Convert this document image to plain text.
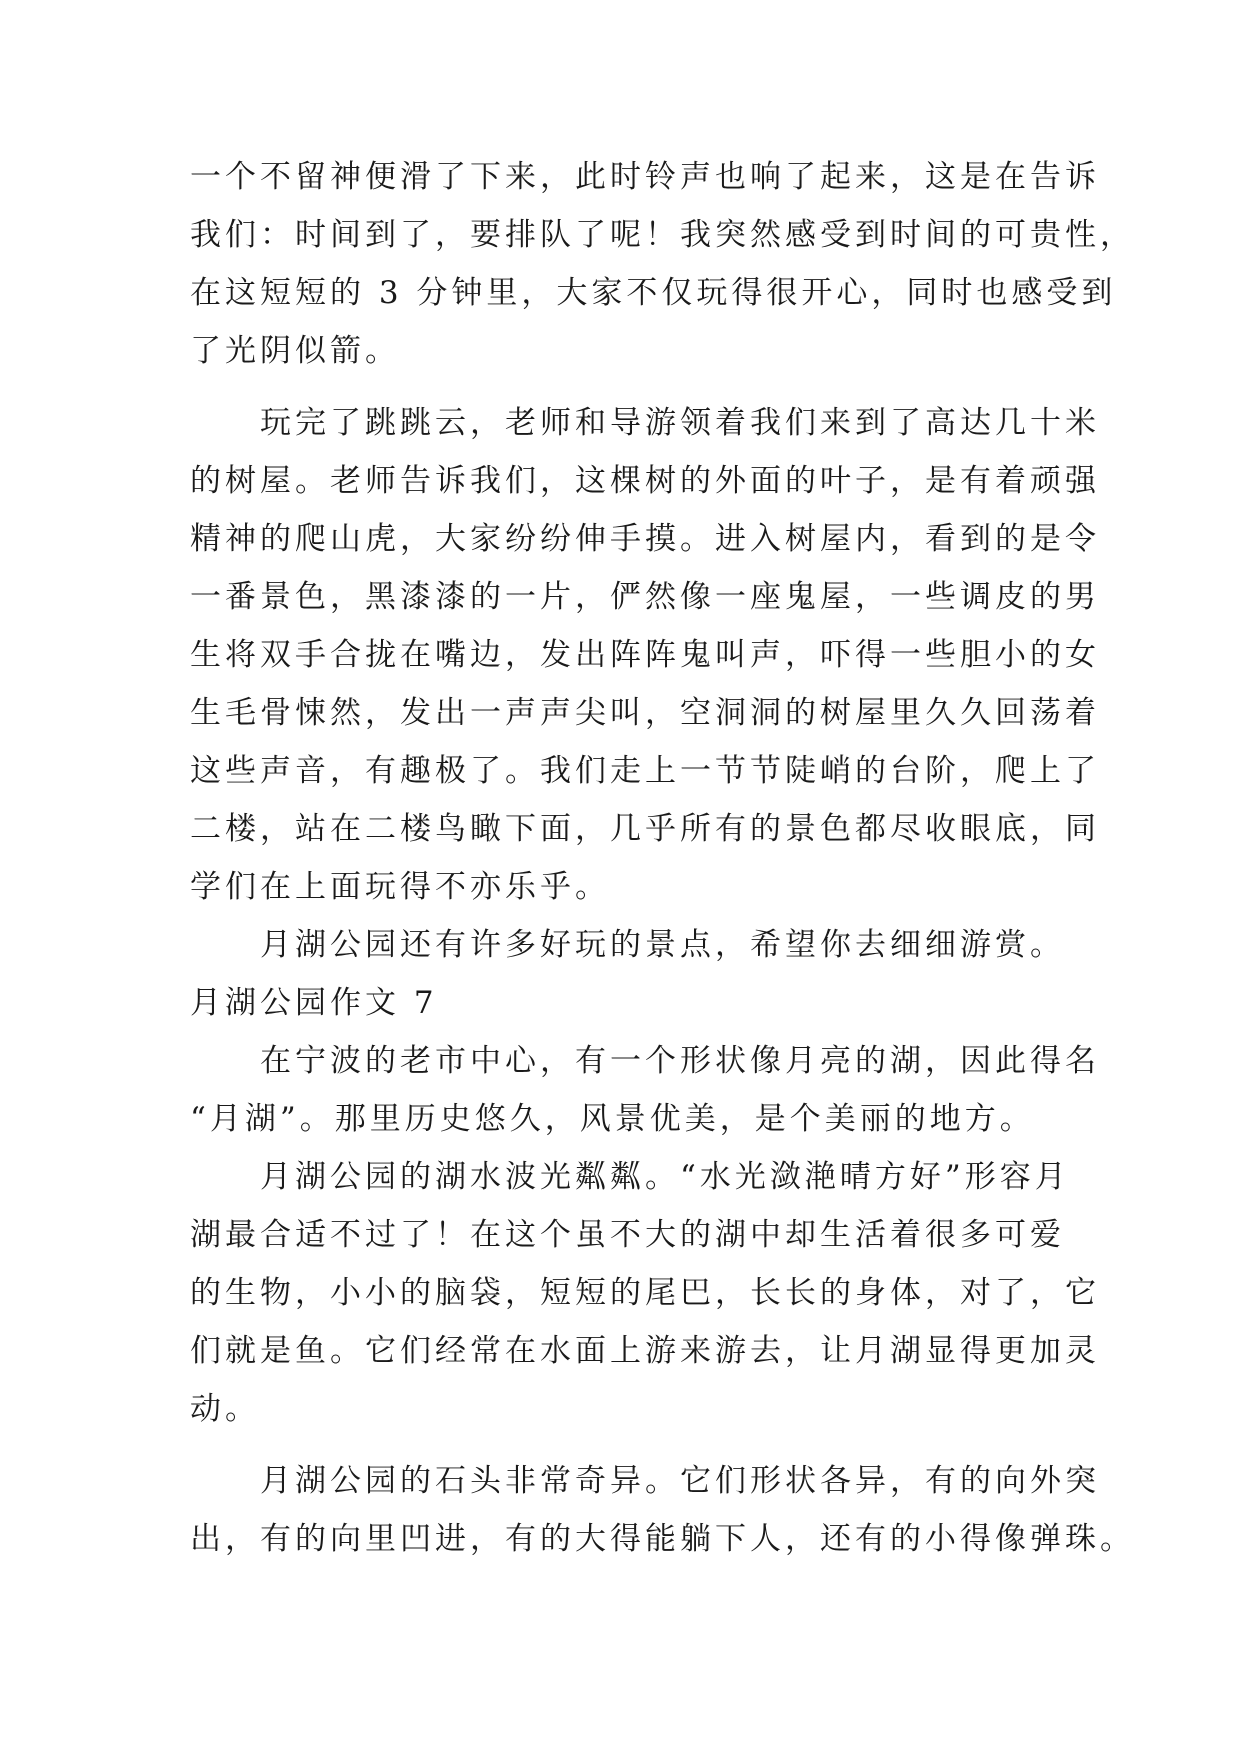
一个不留神便滑了下来，此时铃声也响了起来，这是在告诉
我们：时间到了，要排队了呢！我突然感受到时间的可贵性，
在这短短的 3 分钟里，大家不仅玩得很开心，同时也感受到
了光阴似箭。
玩完了跳跳云，老师和导游领着我们来到了高达几十米
的树屋。老师告诉我们，这棵树的外面的叶子，是有着顽强
精神的爬山虎，大家纷纷伸手摸。进入树屋内，看到的是令
一番景色，黑漆漆的一片，俨然像一座鬼屋，一些调皮的男
生将双手合拢在嘴边，发出阵阵鬼叫声，吓得一些胆小的女
生毛骨悚然，发出一声声尖叫，空洞洞的树屋里久久回荡着
这些声音，有趣极了。我们走上一节节陡峭的台阶，爬上了
二楼，站在二楼鸟瞰下面，几乎所有的景色都尽收眼底，同
学们在上面玩得不亦乐乎。
月湖公园还有许多好玩的景点，希望你去细细游赏。
月湖公园作文 7
在宁波的老市中心，有一个形状像月亮的湖，因此得名
“月湖”。那里历史悠久，风景优美，是个美丽的地方。
月湖公园的湖水波光粼粼。“水光潋滟晴方好”形容月
湖最合适不过了！在这个虽不大的湖中却生活着很多可爱
的生物，小小的脑袋，短短的尾巴，长长的身体，对了，它
们就是鱼。它们经常在水面上游来游去，让月湖显得更加灵
动。
月湖公园的石头非常奇异。它们形状各异，有的向外突
出，有的向里凹进，有的大得能躺下人，还有的小得像弹珠。
